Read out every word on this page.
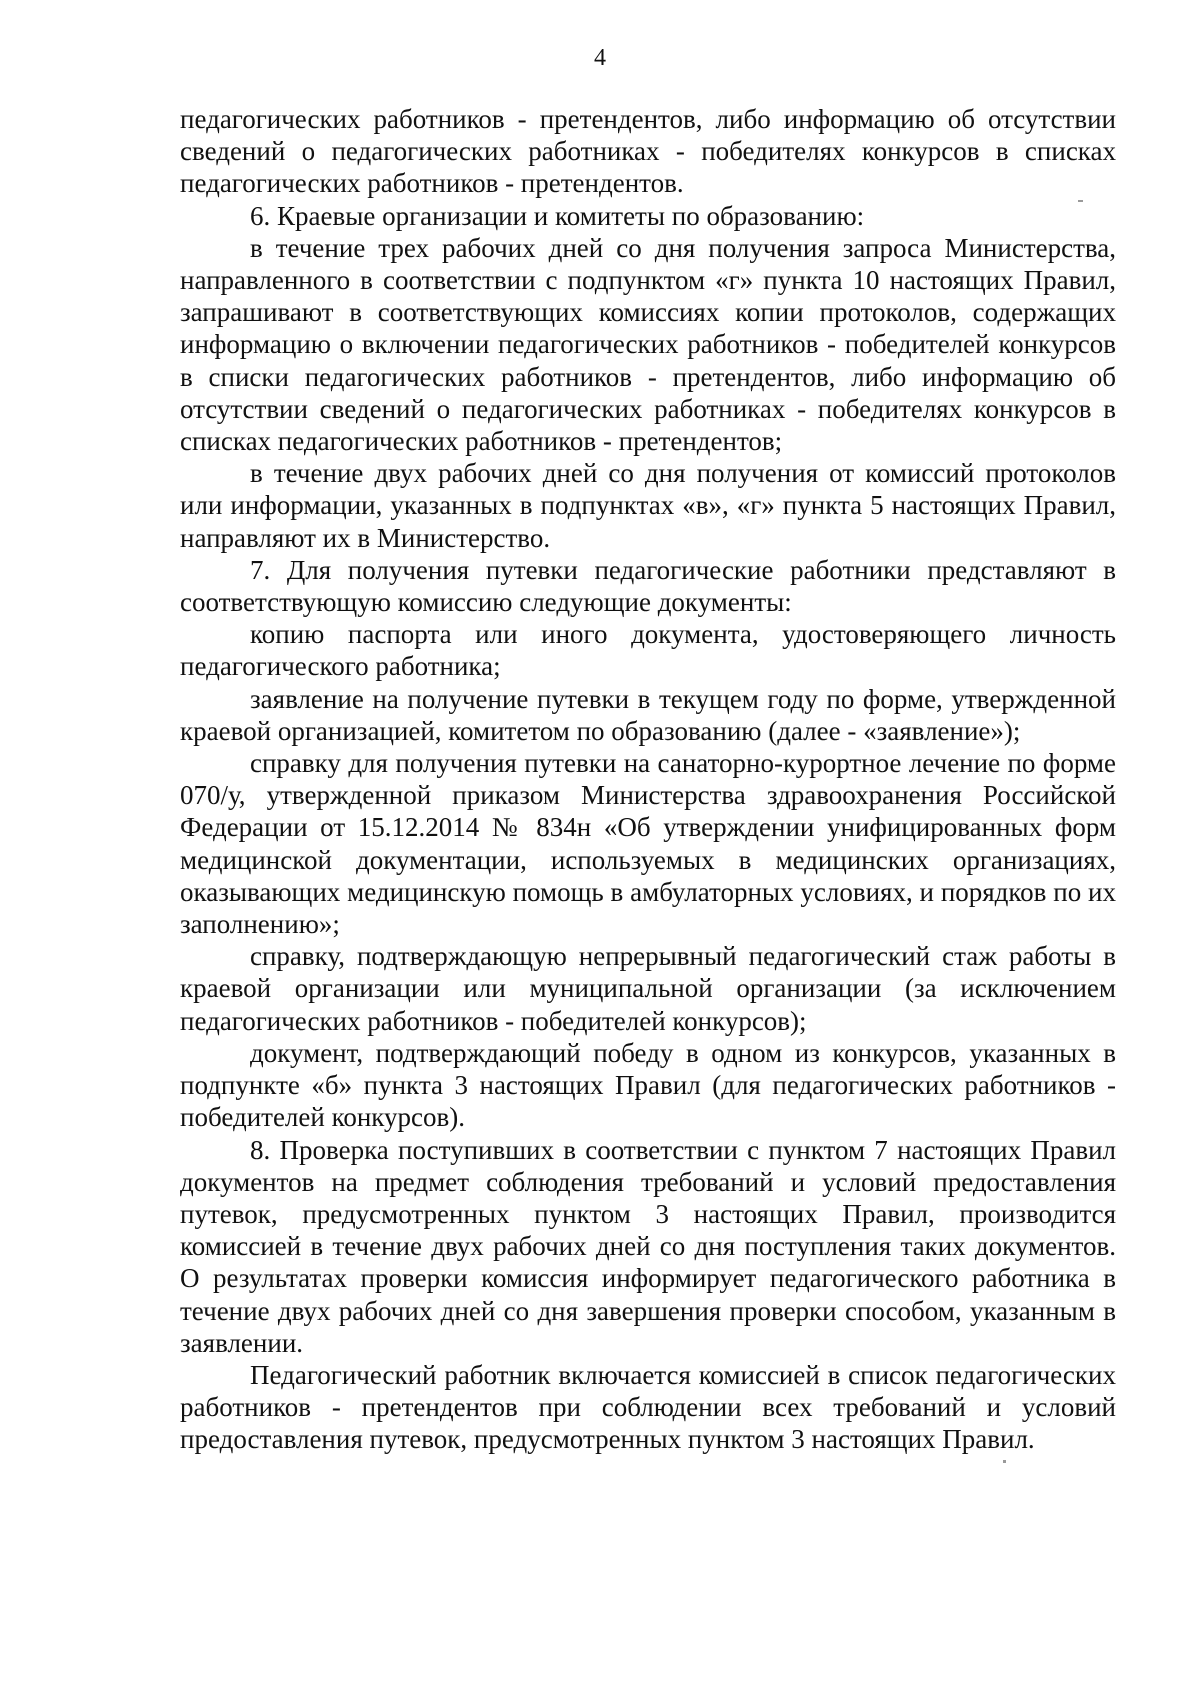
4

педагогических работников - претендентов, либо информацию об отсутствии сведений о педагогических работниках - победителях конкурсов в списках педагогических работников - претендентов.

6. Краевые организации и комитеты по образованию:

в течение трех рабочих дней со дня получения запроса Министерства, направленного в соответствии с подпунктом «г» пункта 10 настоящих Правил, запрашивают в соответствующих комиссиях копии протоколов, содержащих информацию о включении педагогических работников - победителей конкурсов в списки педагогических работников - претендентов, либо информацию об отсутствии сведений о педагогических работниках - победителях конкурсов в списках педагогических работников - претендентов;

в течение двух рабочих дней со дня получения от комиссий протоколов или информации, указанных в подпунктах «в», «г» пункта 5 настоящих Правил, направляют их в Министерство.

7. Для получения путевки педагогические работники представляют в соответствующую комиссию следующие документы:

копию паспорта или иного документа, удостоверяющего личность педагогического работника;

заявление на получение путевки в текущем году по форме, утвержденной краевой организацией, комитетом по образованию (далее - «заявление»);

справку для получения путевки на санаторно-курортное лечение по форме 070/у, утвержденной приказом Министерства здравоохранения Российской Федерации от 15.12.2014 № 834н «Об утверждении унифицированных форм медицинской документации, используемых в медицинских организациях, оказывающих медицинскую помощь в амбулаторных условиях, и порядков по их заполнению»;

справку, подтверждающую непрерывный педагогический стаж работы в краевой организации или муниципальной организации (за исключением педагогических работников - победителей конкурсов);

документ, подтверждающий победу в одном из конкурсов, указанных в подпункте «б» пункта 3 настоящих Правил (для педагогических работников - победителей конкурсов).

8. Проверка поступивших в соответствии с пунктом 7 настоящих Правил документов на предмет соблюдения требований и условий предоставления путевок, предусмотренных пунктом 3 настоящих Правил, производится комиссией в течение двух рабочих дней со дня поступления таких документов. О результатах проверки комиссия информирует педагогического работника в течение двух рабочих дней со дня завершения проверки способом, указанным в заявлении.

Педагогический работник включается комиссией в список педагогических работников - претендентов при соблюдении всех требований и условий предоставления путевок, предусмотренных пунктом 3 настоящих Правил.
